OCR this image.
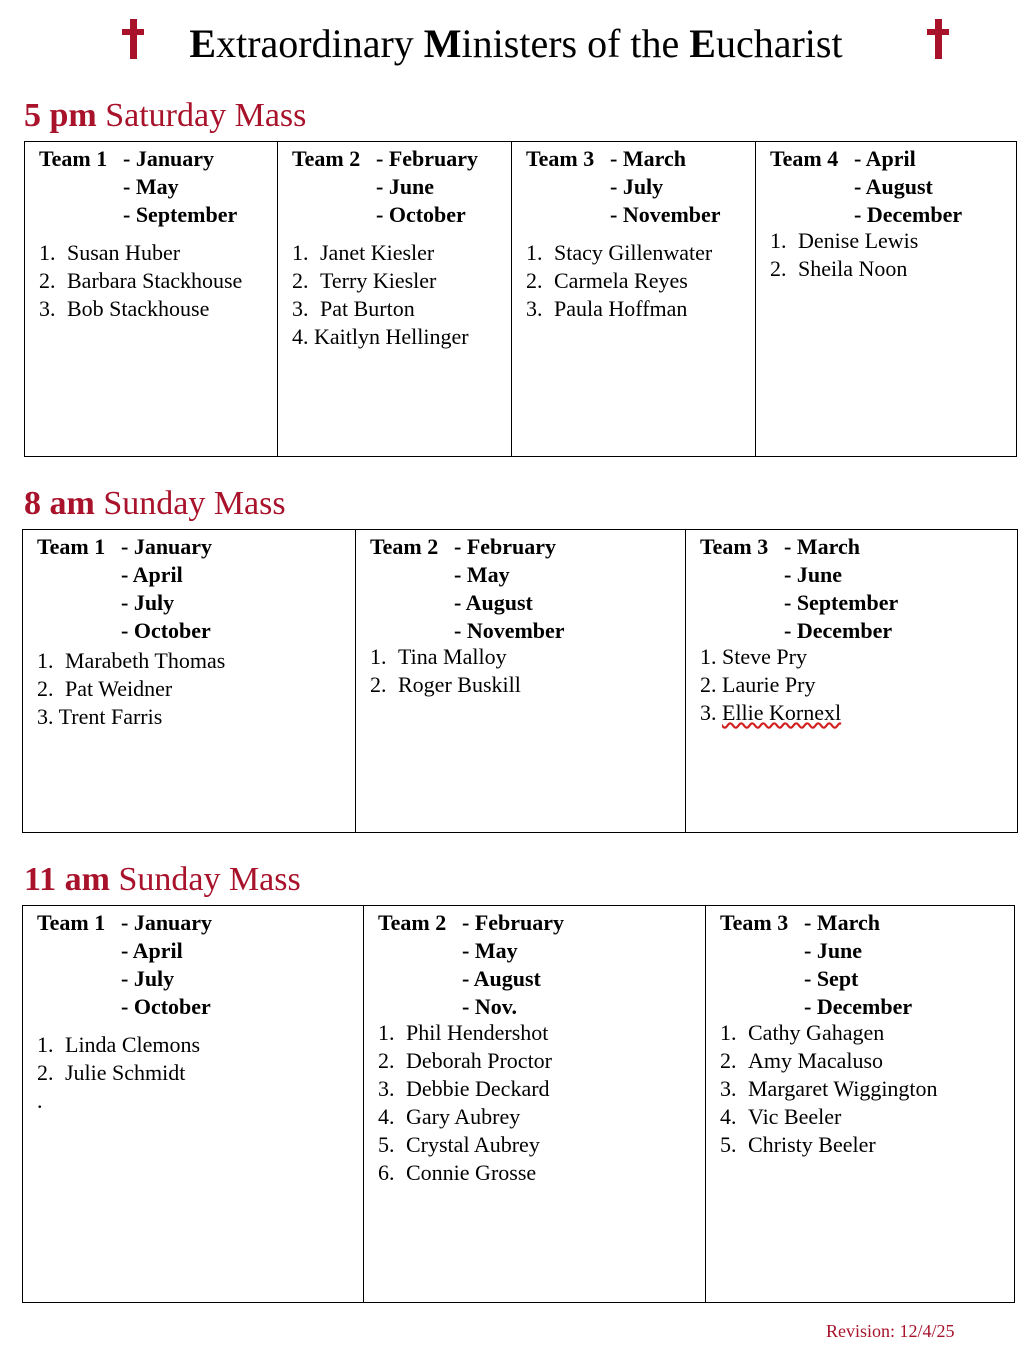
Extraordinary Ministers of the Eucharist
5 pm Saturday Mass
Team 1 - January
- May
- September
1. Susan Huber
2. Barbara Stackhouse
3. Bob Stackhouse

Team 2 - February
- June
- October
1. Janet Kiesler
2. Terry Kiesler
3. Pat Burton
4. Kaitlyn Hellinger

Team 3 - March
- July
- November
1. Stacy Gillenwater
2. Carmela Reyes
3. Paula Hoffman

Team 4 - April
- August
- December
1. Denise Lewis
2. Sheila Noon
8 am Sunday Mass
Team 1 - January
- April
- July
- October
1. Marabeth Thomas
2. Pat Weidner
3. Trent Farris

Team 2 - February
- May
- August
- November
1. Tina Malloy
2. Roger Buskill

Team 3 - March
- June
- September
- December
1. Steve Pry
2. Laurie Pry
3. Ellie Kornexl
11 am Sunday Mass
Team 1 - January
- April
- July
- October
1. Linda Clemons
2. Julie Schmidt
.

Team 2 - February
- May
- August
- Nov.
1. Phil Hendershot
2. Deborah Proctor
3. Debbie Deckard
4. Gary Aubrey
5. Crystal Aubrey
6. Connie Grosse

Team 3 - March
- June
- Sept
- December
1. Cathy Gahagen
2. Amy Macaluso
3. Margaret Wiggington
4. Vic Beeler
5. Christy Beeler
Revision: 12/4/25
